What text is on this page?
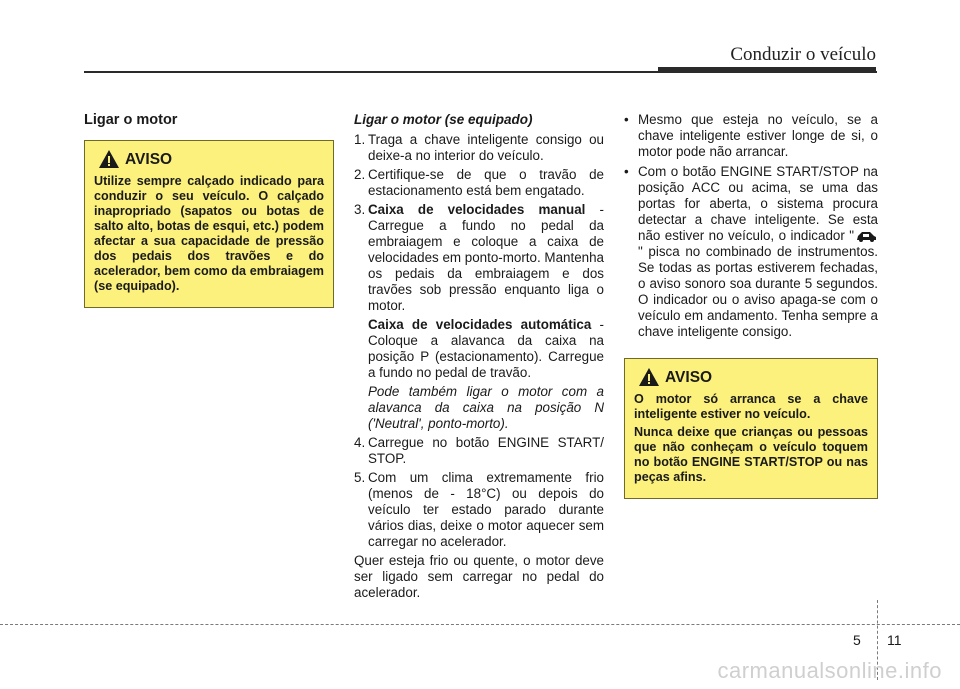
Conduzir o veículo
Ligar o motor
AVISO

Utilize sempre calçado indicado para conduzir o seu veículo. O calçado inapropriado (sapatos ou botas de salto alto, botas de esqui, etc.) podem afectar a sua capacidade de pressão dos pedais dos travões e do acelerador, bem como da embraiagem (se equipado).

Ligar o motor (se equipado)
1. Traga a chave inteligente consigo ou deixe-a no interior do veículo.
2. Certifique-se de que o travão de estacionamento está bem engatado.
3. Caixa de velocidades manual - Carregue a fundo no pedal da embraiagem e coloque a caixa de velocidades em ponto-morto. Mantenha os pedais da embraiagem e dos travões sob pressão enquanto liga o motor.
Caixa de velocidades automática - Coloque a alavanca da caixa na posição P (estacionamento). Carregue a fundo no pedal de travão.
Pode também ligar o motor com a alavanca da caixa na posição N ('Neutral', ponto-morto).
4. Carregue no botão ENGINE START/ STOP.
5. Com um clima extremamente frio (menos de - 18°C) ou depois do veículo ter estado parado durante vários dias, deixe o motor aquecer sem carregar no acelerador.

Quer esteja frio ou quente, o motor deve ser ligado sem carregar no pedal do acelerador.

• Mesmo que esteja no veículo, se a chave inteligente estiver longe de si, o motor pode não arrancar.
• Com o botão ENGINE START/STOP na posição ACC ou acima, se uma das portas for aberta, o sistema procura detectar a chave inteligente. Se esta não estiver no veículo, o indicador "" pisca no combinado de instrumentos. Se todas as portas estiverem fechadas, o aviso sonoro soa durante 5 segundos. O indicador ou o aviso apaga-se com o veículo em andamento. Tenha sempre a chave inteligente consigo.
AVISO

O motor só arranca se a chave inteligente estiver no veículo.

Nunca deixe que crianças ou pessoas que não conheçam o veículo toquem no botão ENGINE START/STOP ou nas peças afins.

5 11
carmanualsonline.info
